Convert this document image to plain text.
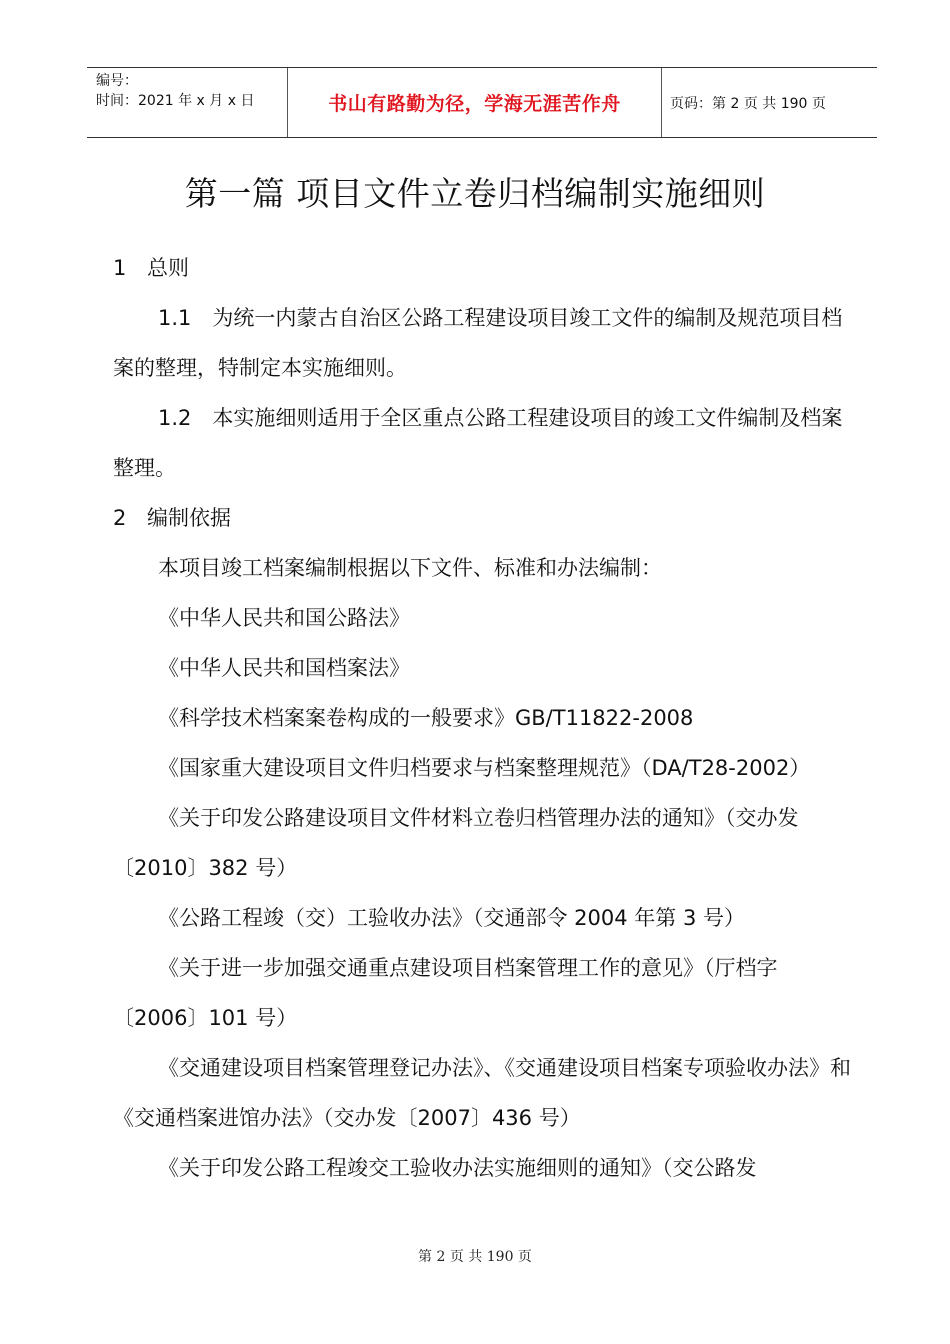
编号：
时间：2021 年 x 月 x 日	书山有路勤为径，学海无涯苦作舟	页码：第 2 页 共 190 页
第一篇 项目文件立卷归档编制实施细则

1 总则

1.1　为统一内蒙古自治区公路工程建设项目竣工文件的编制及规范项目档案的整理，特制定本实施细则。

1.2　本实施细则适用于全区重点公路工程建设项目的竣工文件编制及档案整理。

2 编制依据

本项目竣工档案编制根据以下文件、标准和办法编制：

《中华人民共和国公路法》

《中华人民共和国档案法》

《科学技术档案案卷构成的一般要求》GB/T11822-2008

《国家重大建设项目文件归档要求与档案整理规范》（DA/T28-2002）

《关于印发公路建设项目文件材料立卷归档管理办法的通知》（交办发〔2010〕382 号）

《公路工程竣（交）工验收办法》（交通部令 2004 年第 3 号）

《关于进一步加强交通重点建设项目档案管理工作的意见》（厅档字〔2006〕101 号）

《交通建设项目档案管理登记办法》、《交通建设项目档案专项验收办法》和《交通档案进馆办法》（交办发〔2007〕436 号）

《关于印发公路工程竣交工验收办法实施细则的通知》（交公路发

第 2 页 共 190 页
